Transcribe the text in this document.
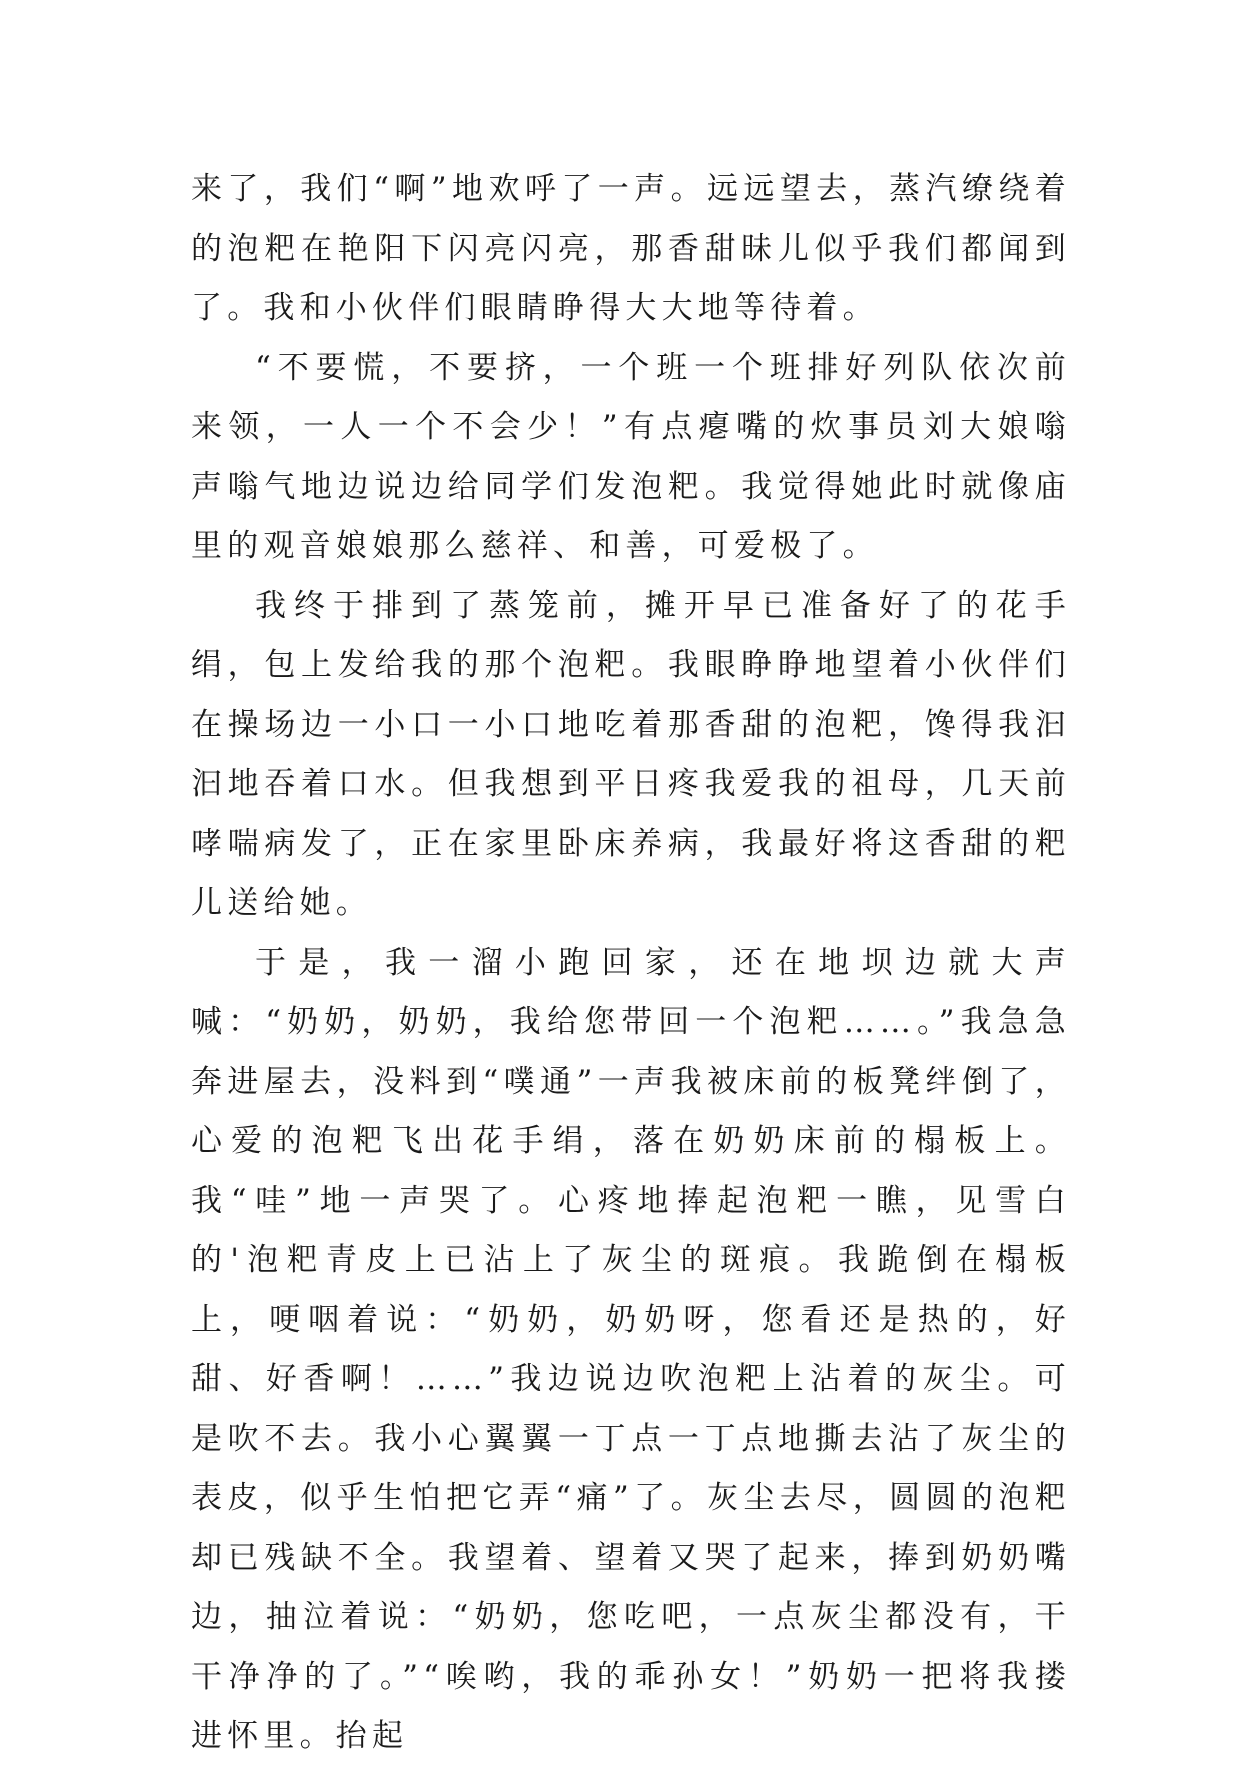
来了，我们“啊”地欢呼了一声。远远望去，蒸汽缭绕着的泡粑在艳阳下闪亮闪亮，那香甜昧儿似乎我们都闻到了。我和小伙伴们眼睛睁得大大地等待着。

“不要慌，不要挤，一个班一个班排好列队依次前来领，一人一个不会少！”有点瘪嘴的炊事员刘大娘嗡声嗡气地边说边给同学们发泡粑。我觉得她此时就像庙里的观音娘娘那么慈祥、和善，可爱极了。

我终于排到了蒸笼前，摊开早已准备好了的花手绢，包上发给我的那个泡粑。我眼睁睁地望着小伙伴们在操场边一小口一小口地吃着那香甜的泡粑，馋得我汩汩地吞着口水。但我想到平日疼我爱我的祖母，几天前哮喘病发了，正在家里卧床养病，我最好将这香甜的粑儿送给她。

于是，我一溜小跑回家，还在地坝边就大声喊：“奶奶，奶奶，我给您带回一个泡粑……。”我急急奔进屋去，没料到“噗通”一声我被床前的板凳绊倒了，心爱的泡粑飞出花手绢，落在奶奶床前的榻板上。我“哇”地一声哭了。心疼地捧起泡粑一瞧，见雪白的'泡粑青皮上已沾上了灰尘的斑痕。我跪倒在榻板上，哽咽着说：“奶奶，奶奶呀，您看还是热的，好甜、好香啊！……”我边说边吹泡粑上沾着的灰尘。可是吹不去。我小心翼翼一丁点一丁点地撕去沾了灰尘的表皮，似乎生怕把它弄“痛”了。灰尘去尽，圆圆的泡粑却已残缺不全。我望着、望着又哭了起来，捧到奶奶嘴边，抽泣着说：“奶奶，您吃吧，一点灰尘都没有，干干净净的了。”“唉哟，我的乖孙女！”奶奶一把将我搂进怀里。抬起
